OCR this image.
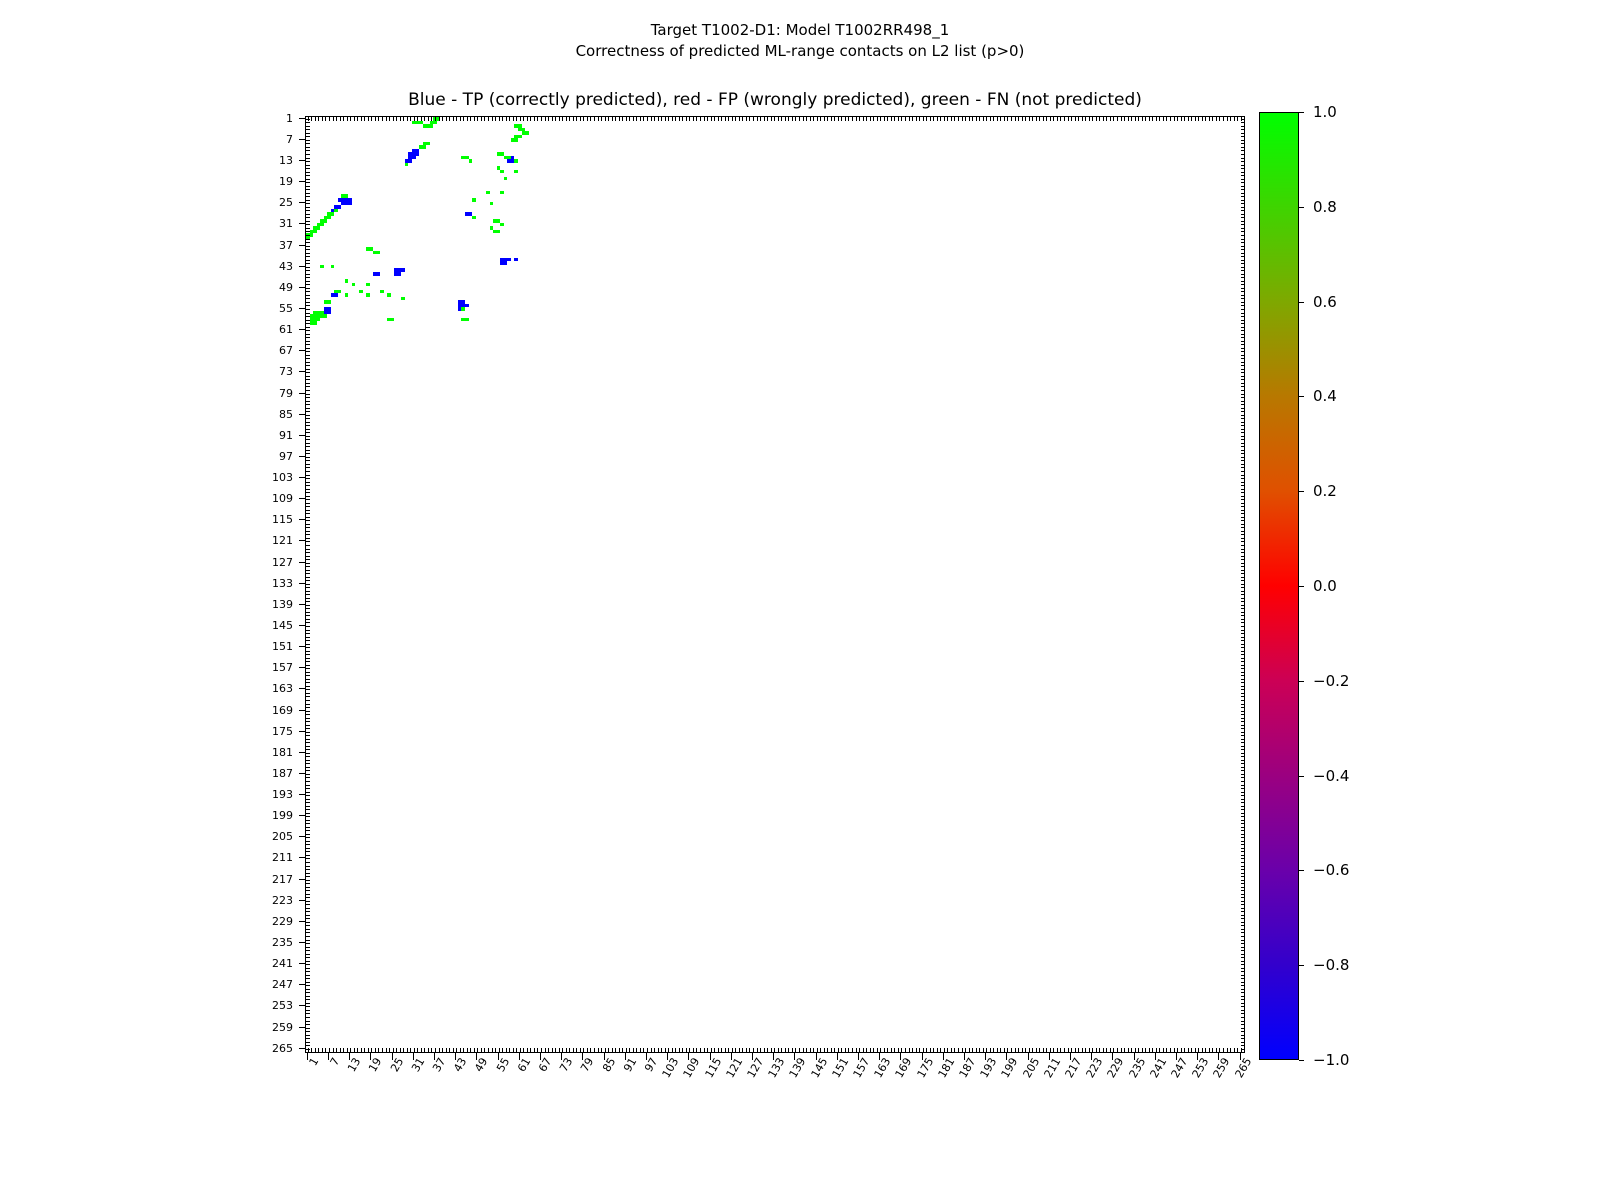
Target T1002-D1: Model T1002RR498_1
Correctness of predicted ML-range contacts on L2 list (p>0)
Blue - TP (correctly predicted), red - FP (wrongly predicted), green - FN (not predicted)
1
7
13
19
25
31
37
43
49
55
61
67
73
79
85
91
97
103
109
115
121
127
133
139
145
151
157
163
169
175
181
187
193
199
205
211
217
223
229
235
241
247
253
259
265
1 7 13 19 25 31 37 43 49 55 61 67 73 79 85 91 97 103 109 115 121 127 133 139 145 151 157 163 169 175 181 187 193 199 205 211 217 223 229 235 241 247 253 259 265
1.0
0.8
0.6
0.4
0.2
0.0
−0.2
−0.4
−0.6
−0.8
−1.0
